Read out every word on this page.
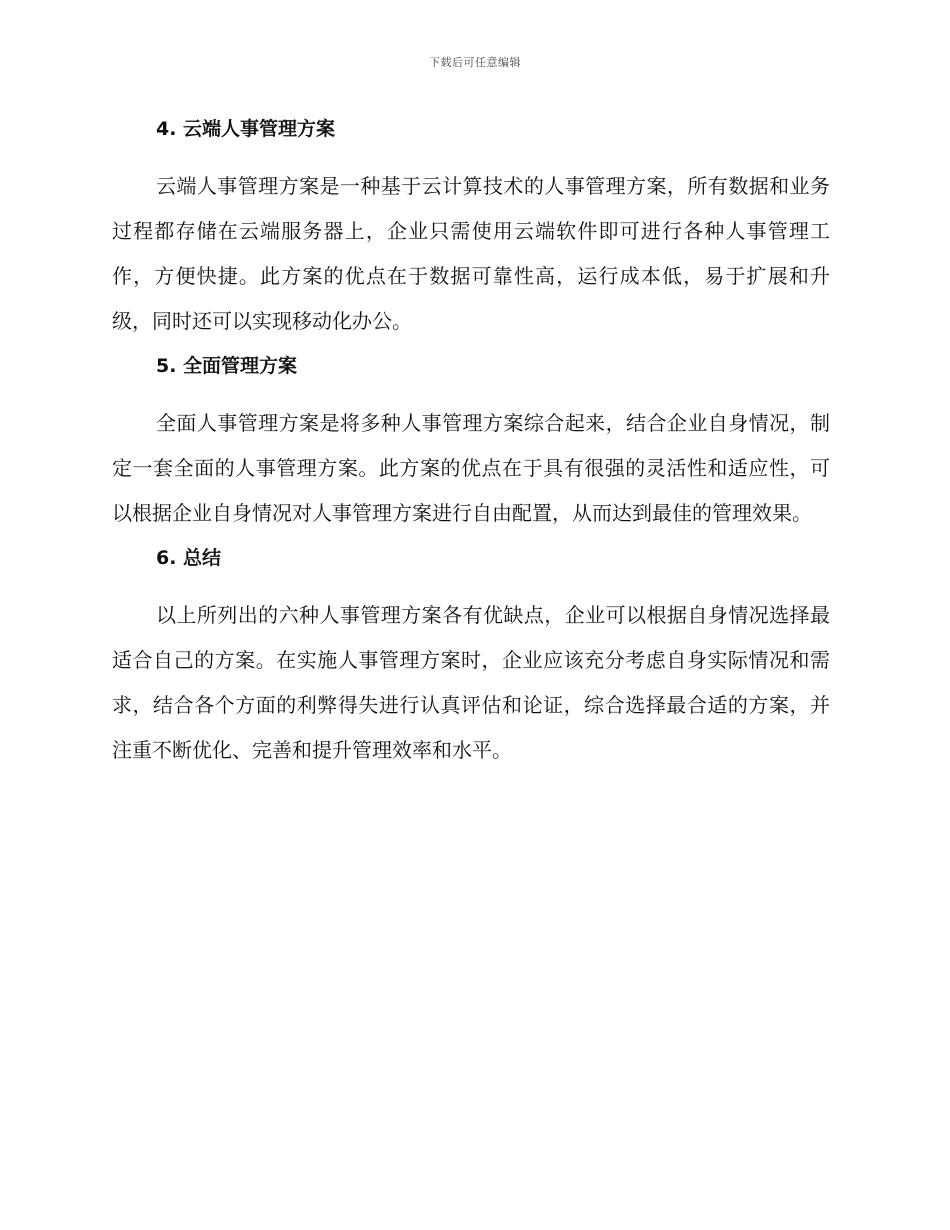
下载后可任意编辑
4. 云端人事管理方案

云端人事管理方案是一种基于云计算技术的人事管理方案，所有数据和业务过程都存储在云端服务器上，企业只需使用云端软件即可进行各种人事管理工作，方便快捷。此方案的优点在于数据可靠性高，运行成本低，易于扩展和升级，同时还可以实现移动化办公。

5. 全面管理方案

全面人事管理方案是将多种人事管理方案综合起来，结合企业自身情况，制定一套全面的人事管理方案。此方案的优点在于具有很强的灵活性和适应性，可以根据企业自身情况对人事管理方案进行自由配置，从而达到最佳的管理效果。

6. 总结

以上所列出的六种人事管理方案各有优缺点，企业可以根据自身情况选择最适合自己的方案。在实施人事管理方案时，企业应该充分考虑自身实际情况和需求，结合各个方面的利弊得失进行认真评估和论证，综合选择最合适的方案，并注重不断优化、完善和提升管理效率和水平。
